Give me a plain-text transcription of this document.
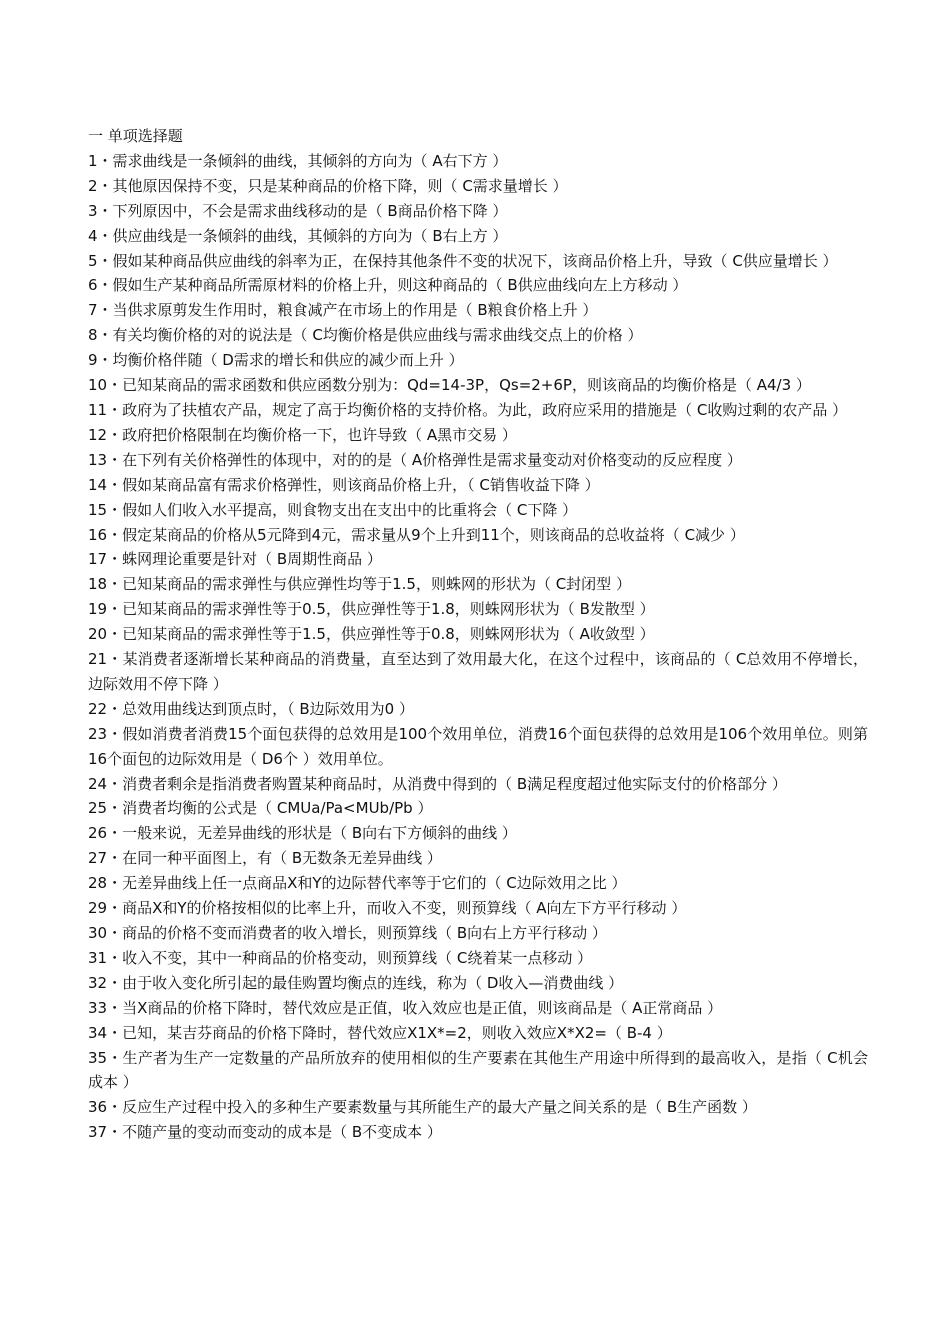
一 单项选择题
1・需求曲线是一条倾斜的曲线，其倾斜的方向为（ A右下方 ）
2・其他原因保持不变，只是某种商品的价格下降，则（ C需求量增长 ）
3・下列原因中，不会是需求曲线移动的是（ B商品价格下降 ）
4・供应曲线是一条倾斜的曲线，其倾斜的方向为（ B右上方 ）
5・假如某种商品供应曲线的斜率为正，在保持其他条件不变的状况下，该商品价格上升，导致（ C供应量增长 ）
6・假如生产某种商品所需原材料的价格上升，则这种商品的（ B供应曲线向左上方移动 ）
7・当供求原剪发生作用时，粮食减产在市场上的作用是（ B粮食价格上升 ）
8・有关均衡价格的对的说法是（ C均衡价格是供应曲线与需求曲线交点上的价格 ）
9・均衡价格伴随（ D需求的增长和供应的减少而上升 ）
10・已知某商品的需求函数和供应函数分别为：Qd=14-3P，Qs=2+6P，则该商品的均衡价格是（ A4/3 ）
11・政府为了扶植农产品，规定了高于均衡价格的支持价格。为此，政府应采用的措施是（ C收购过剩的农产品 ）
12・政府把价格限制在均衡价格一下，也许导致（ A黑市交易 ）
13・在下列有关价格弹性的体现中，对的的是（ A价格弹性是需求量变动对价格变动的反应程度 ）
14・假如某商品富有需求价格弹性，则该商品价格上升，（ C销售收益下降 ）
15・假如人们收入水平提高，则食物支出在支出中的比重将会（ C下降 ）
16・假定某商品的价格从5元降到4元，需求量从9个上升到11个，则该商品的总收益将（ C减少 ）
17・蛛网理论重要是针对（ B周期性商品 ）
18・已知某商品的需求弹性与供应弹性均等于1.5，则蛛网的形状为（ C封闭型 ）
19・已知某商品的需求弹性等于0.5，供应弹性等于1.8，则蛛网形状为（ B发散型 ）
20・已知某商品的需求弹性等于1.5，供应弹性等于0.8，则蛛网形状为（ A收敛型 ）
21・某消费者逐渐增长某种商品的消费量，直至达到了效用最大化，在这个过程中，该商品的（ C总效用不停增长，边际效用不停下降 ）
22・总效用曲线达到顶点时，（ B边际效用为0 ）
23・假如消费者消费15个面包获得的总效用是100个效用单位，消费16个面包获得的总效用是106个效用单位。则第16个面包的边际效用是（ D6个 ）效用单位。
24・消费者剩余是指消费者购置某种商品时，从消费中得到的（ B满足程度超过他实际支付的价格部分 ）
25・消费者均衡的公式是（ CMUa/Pa<MUb/Pb ）
26・一般来说，无差异曲线的形状是（ B向右下方倾斜的曲线 ）
27・在同一种平面图上，有（ B无数条无差异曲线 ）
28・无差异曲线上任一点商品X和Y的边际替代率等于它们的（ C边际效用之比 ）
29・商品X和Y的价格按相似的比率上升，而收入不变，则预算线（ A向左下方平行移动 ）
30・商品的价格不变而消费者的收入增长，则预算线（ B向右上方平行移动 ）
31・收入不变，其中一种商品的价格变动，则预算线（ C绕着某一点移动 ）
32・由于收入变化所引起的最佳购置均衡点的连线，称为（ D收入—消费曲线 ）
33・当X商品的价格下降时，替代效应是正值，收入效应也是正值，则该商品是（ A正常商品 ）
34・已知，某吉芬商品的价格下降时，替代效应X1X*=2，则收入效应X*X2=（ B-4 ）
35・生产者为生产一定数量的产品所放弃的使用相似的生产要素在其他生产用途中所得到的最高收入，是指（ C机会成本 ）
36・反应生产过程中投入的多种生产要素数量与其所能生产的最大产量之间关系的是（ B生产函数 ）
37・不随产量的变动而变动的成本是（ B不变成本 ）
